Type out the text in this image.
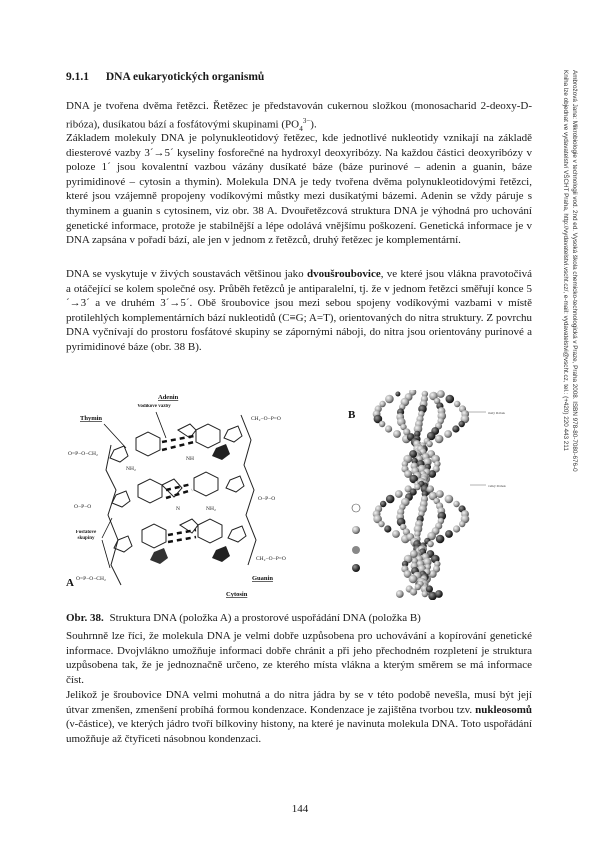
9.1.1 DNA eukaryotických organismů

DNA je tvořena dvěma řetězci. Řetězec je představován cukernou složkou (monosacharid 2-deoxy-D-ribóza), dusíkatou bází a fosfátovými skupinami $(PO_4^{3-})$.

Základem molekuly DNA je polynukleotidový řetězec, kde jednotlivé nukleotidy vznikají na základě diesterové vazby 3´→5´ kyseliny fosforečné na hydroxyl deoxyribózy. Na každou částici deoxyribózy v poloze 1´ jsou kovalentní vazbou vázány dusíkaté báze (báze purinové – adenin a guanin, báze pyrimidinové – cytosin a thymin). Molekula DNA je tedy tvořena dvěma polynukleotidovými řetězci, které jsou vzájemně propojeny vodíkovými můstky mezi dusíkatými bázemi. Adenin se vždy páruje s thyminem a guanin s cytosinem, viz obr. 38 A. Dvouřetězcová struktura DNA je výhodná pro uchování genetické informace, protože je stabilnější a lépe odolává vnějšímu poškození. Genetická informace je v DNA zapsána v pořadí bází, ale jen v jednom z řetězců, druhý řetězec je komplementární.

DNA se vyskytuje v živých soustavách většinou jako dvoušroubovice, ve které jsou vlákna pravotočivá a otáčející se kolem společné osy. Průběh řetězců je antiparalelní, tj. že v jednom řetězci směřují konce 5´→3´ a ve druhém 3´→5´. Obě šroubovice jsou mezi sebou spojeny vodíkovými vazbami v místě protilehlých komplementárních bází nukleotidů (C≡G; A=T), orientovaných do nitra struktury. Z povrchu DNA vyčnívají do prostoru fosfátové skupiny se zápornými náboji, do nitra jsou orientovány purinové a pyrimidinové báze (obr. 38 B).

O=P−O−CH₂
O−P−O
O=P−O−CH₂
CH₂−O−P=O
O−P−O
CH₂−O−P=O
NH₂
NH
N	NH₂
Adenin
Thymin
Guanin
Cytosin
Vodíkové vazby
Fosfátové skupiny
A
malý žlábek
velký žlábek
B
Obr. 38. Struktura DNA (položka A) a prostorové uspořádání DNA (položka B)

Souhrnně lze říci, že molekula DNA je velmi dobře uzpůsobena pro uchovávání a kopírování genetické informace. Dvojvlákno umožňuje informaci dobře chránit a při jeho přechodném rozpletení je struktura uzpůsobena tak, že je jednoznačně určeno, ze kterého místa vlákna a kterým směrem se má informace číst.

Jelikož je šroubovice DNA velmi mohutná a do nitra jádra by se v této podobě nevešla, musí být její útvar zmenšen, zmenšení probíhá formou kondenzace. Kondenzace je zajištěna tvorbou tzv. nukleosomů (ν-částice), ve kterých jádro tvoří bílkoviny histony, na které je navinuta molekula DNA. Toto uspořádání umožňuje až čtyřiceti násobnou kondenzaci.

Ambrožová Jana: Mikrobiologie v technologii vod. 2nd ed. Vysoká škola chemicko-technologická v Praze, Praha 2008. ISBN 978-80-7080-676-0
Kniha lze objednat ve vydavatelství VŠCHT Praha, http://vydavatelstvi.vscht.cz/, e-mail: vydavatelstvi@vscht.cz, tel.: (+420) 220 443 211
144
